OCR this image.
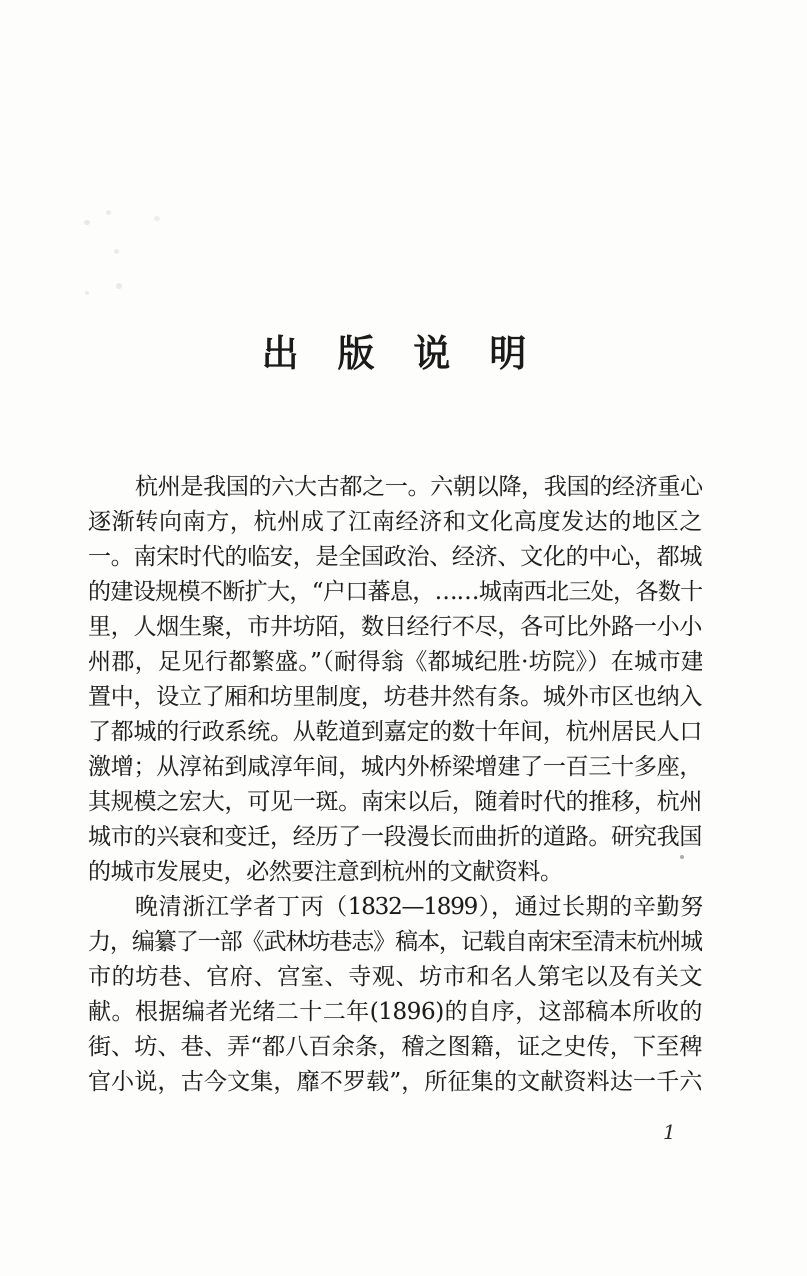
出 版 说 明
杭州是我国的六大古都之一。六朝以降，我国的经济重心
逐渐转向南方，杭州成了江南经济和文化高度发达的地区之
一。南宋时代的临安，是全国政治、经济、文化的中心，都城
的建设规模不断扩大，“户口蕃息，……城南西北三处，各数十
里，人烟生聚，市井坊陌，数日经行不尽，各可比外路一小小
州郡，足见行都繁盛。”（耐得翁《都城纪胜·坊院》）在城市建
置中，设立了厢和坊里制度，坊巷井然有条。城外市区也纳入
了都城的行政系统。从乾道到嘉定的数十年间，杭州居民人口
激增；从淳祐到咸淳年间，城内外桥梁增建了一百三十多座，
其规模之宏大，可见一斑。南宋以后，随着时代的推移，杭州
城市的兴衰和变迁，经历了一段漫长而曲折的道路。研究我国
的城市发展史，必然要注意到杭州的文献资料。
晚清浙江学者丁丙（1832—1899），通过长期的辛勤努
力，编纂了一部《武林坊巷志》稿本，记载自南宋至清末杭州城
市的坊巷、官府、宫室、寺观、坊市和名人第宅以及有关文
献。根据编者光绪二十二年(1896)的自序，这部稿本所收的
街、坊、巷、弄“都八百余条，稽之图籍，证之史传，下至稗
官小说，古今文集，靡不罗载”，所征集的文献资料达一千六
1
